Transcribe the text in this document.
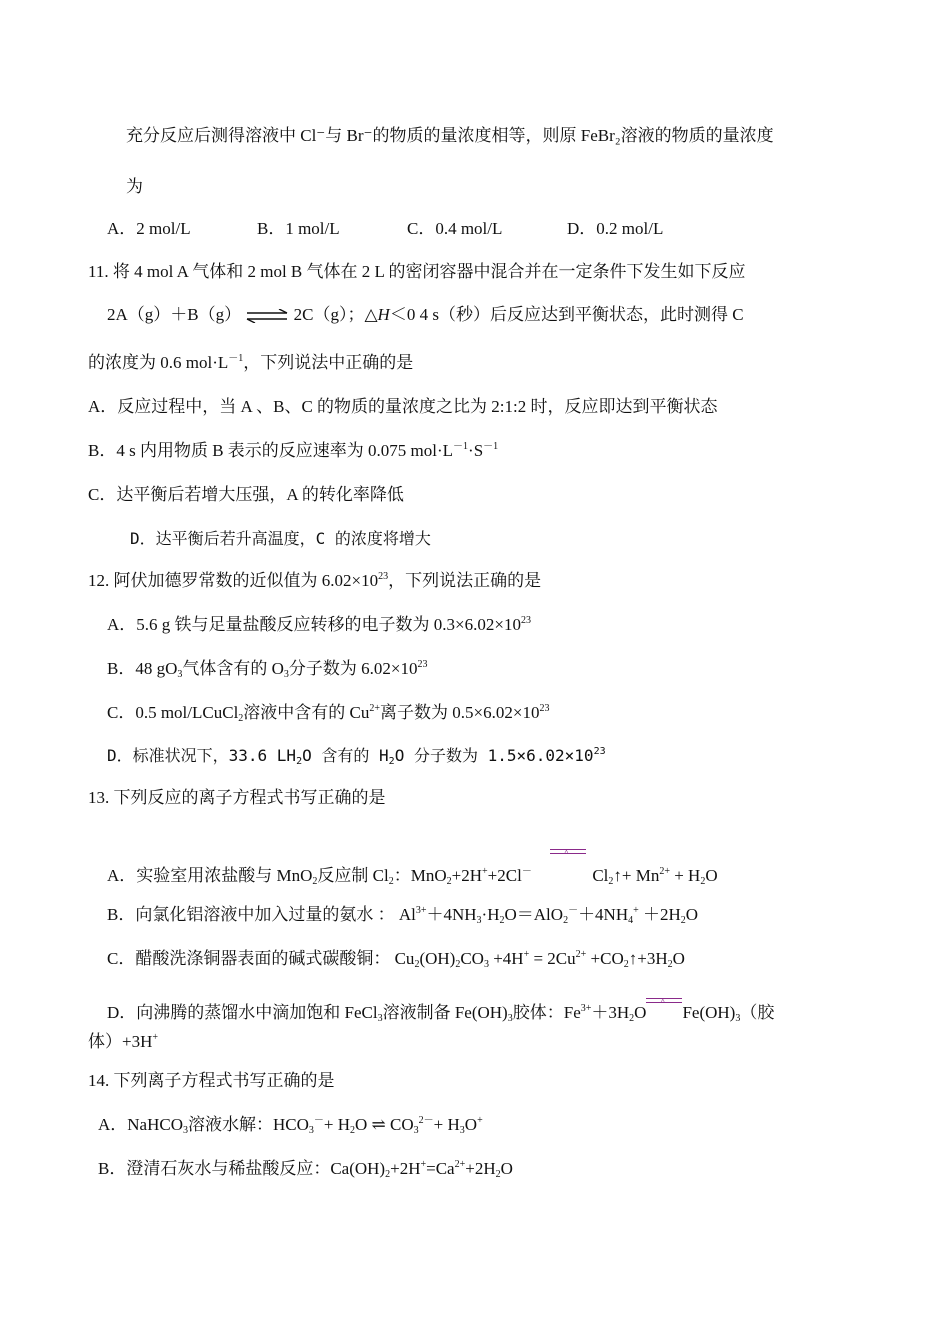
充分反应后测得溶液中 Cl⁻与 Br⁻的物质的量浓度相等，则原 FeBr₂溶液的物质的量浓度
为
A．2 mol/L	B．1 mol/L	C．0.4 mol/L	D．0.2 mol/L
11. 将 4 mol A 气体和 2 mol B 气体在 2 L 的密闭容器中混合并在一定条件下发生如下反应
2A（g）＋B（g） ⇌ 2C（g）；△H＜0 4 s（秒）后反应达到平衡状态，此时测得 C
的浓度为 0.6 $mol\cdot L^{-1}$，下列说法中正确的是
A．反应过程中，当 A 、B、C 的物质的量浓度之比为 2:1:2 时，反应即达到平衡状态
B．4 s 内用物质 B 表示的反应速率为 0.075 $mol\cdot L^{-1}\cdot S^{-1}$
C．达平衡后若增大压强，A 的转化率降低
D．达平衡后若升高温度，C 的浓度将增大
12. 阿伏加德罗常数的近似值为 $6.02\times 10^{23}$，下列说法正确的是
A．5.6 g 铁与足量盐酸反应转移的电子数为 $0.3\times 6.02\times 10^{23}$
B．48 $gO_3$气体含有的 $O_3$分子数为 $6.02\times 10^{23}$
C．0.5 mol/LCuCl$_2$溶液中含有的 $Cu^{2+}$离子数为 $0.5\times 6.02\times 10^{23}$
D．标准状况下，33.6 $LH_2O$ 含有的 $H_2O$ 分子数为 $1.5\times 6.02\times 10^{23}$
13. 下列反应的离子方程式书写正确的是
A．实验室用浓盐酸与 MnO$_2$反应制 $Cl_2$：MnO$_2$+2H++2Cl－
▵
$Cl_2↑+ Mn^{2+} + H_2O$
B．向氯化铝溶液中加入过量的氨水 ： $Al^{3+}+4NH_3\cdot H_2O=AlO_2^-+4NH_4^+ +2H_2O$
C．醋酸洗涤铜器表面的碱式碳酸铜： $Cu_2(OH)_2CO_3 +4H^+ = 2Cu^{2+}$ $+CO_2↑+3H_2O$
D．向沸腾的蒸馏水中滴加饱和 FeCl$_3$溶液制备 $Fe(OH)_3$胶体：$Fe^{3+}+3H_2O$
▵
$Fe(OH)_3$（胶
体）+3H+
14. 下列离子方程式书写正确的是
A．NaHCO$_3$溶液水解：$HCO_3^-+ H_2O$ ⇌ $CO_3^{2-}+ H_3O^+$
B．澄清石灰水与稀盐酸反应：$Ca(OH)_2+2H^+=Ca^{2+}+2H_2O$
